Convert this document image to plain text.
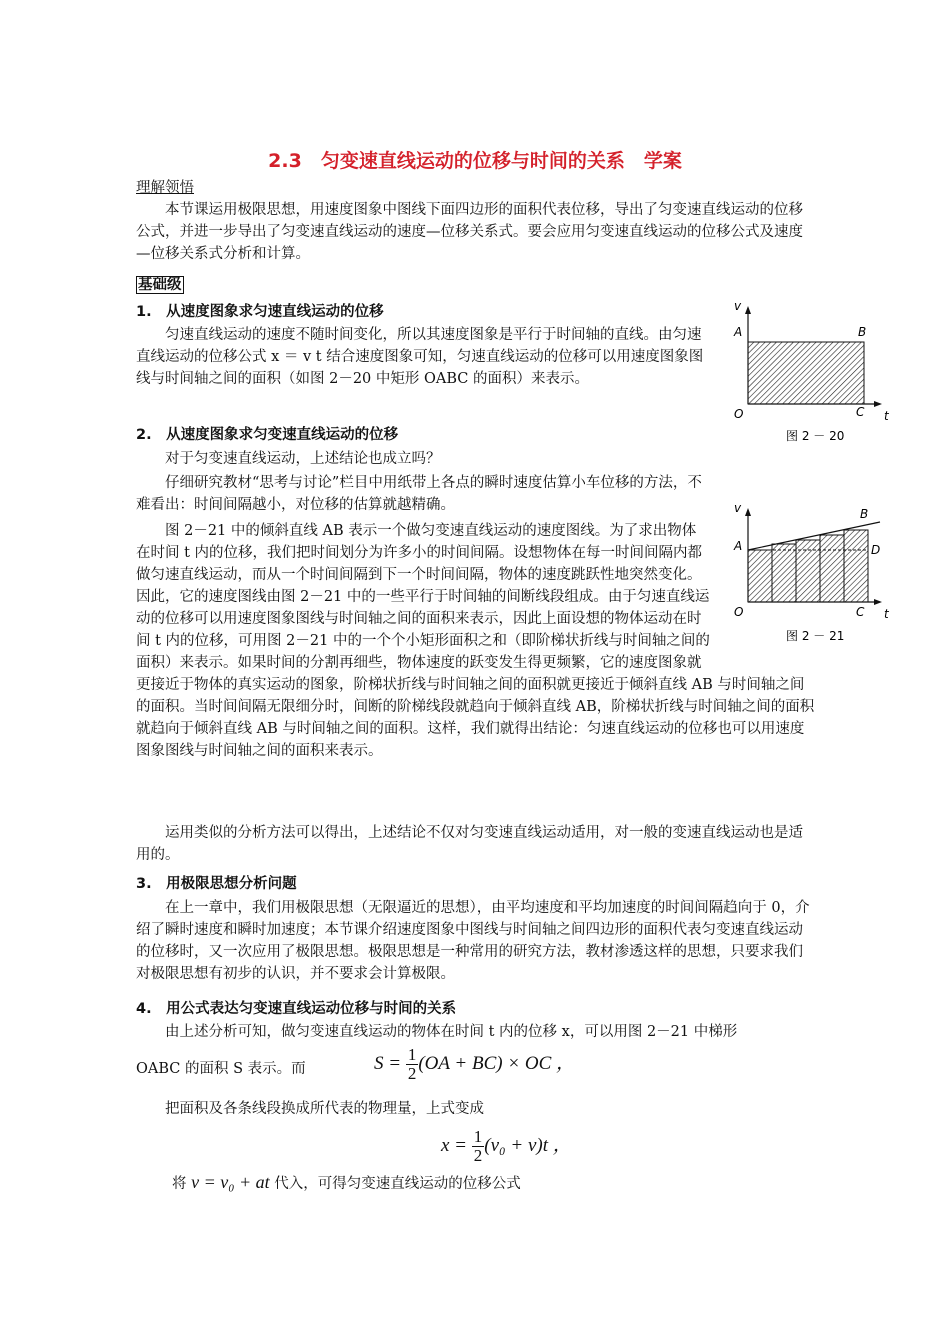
2.3　匀变速直线运动的位移与时间的关系　学案
理解领悟
本节课运用极限思想，用速度图象中图线下面四边形的面积代表位移，导出了匀变速直线运动的位移公式，并进一步导出了匀变速直线运动的速度—位移关系式。要会应用匀变速直线运动的位移公式及速度—位移关系式分析和计算。
基础级
1.　从速度图象求匀速直线运动的位移
匀速直线运动的速度不随时间变化，所以其速度图象是平行于时间轴的直线。由匀速直线运动的位移公式 x ＝ v t 结合速度图象可知，匀速直线运动的位移可以用速度图象图线与时间轴之间的面积（如图 2－20 中矩形 OABC 的面积）来表示。
2.　从速度图象求匀变速直线运动的位移
对于匀变速直线运动，上述结论也成立吗？
仔细研究教材“思考与讨论”栏目中用纸带上各点的瞬时速度估算小车位移的方法，不难看出：时间间隔越小，对位移的估算就越精确。
图 2－21 中的倾斜直线 AB 表示一个做匀变速直线运动的速度图线。为了求出物体在时间 t 内的位移，我们把时间划分为许多小的时间间隔。设想物体在每一时间间隔内都做匀速直线运动，而从一个时间间隔到下一个时间间隔，物体的速度跳跃性地突然变化。因此，它的速度图线由图 2－21 中的一些平行于时间轴的间断线段组成。由于匀速直线运动的位移可以用速度图象图线与时间轴之间的面积来表示，因此上面设想的物体运动在时间 t 内的位移，可用图 2－21 中的一个个小矩形面积之和（即阶梯状折线与时间轴之间的面积）来表示。如果时间的分割再细些，物体速度的跃变发生得更频繁，它的速度图象就更接近于物体的真实运动的图象，阶梯状折线与时间轴之间的面积就更接近于倾斜直线 AB 与时间轴之间的面积。当时间间隔无限细分时，间断的阶梯线段就趋向于倾斜直线 AB，阶梯状折线与时间轴之间的面积就趋向于倾斜直线 AB 与时间轴之间的面积。这样，我们就得出结论：匀速直线运动的位移也可以用速度图象图线与时间轴之间的面积来表示。
运用类似的分析方法可以得出，上述结论不仅对匀变速直线运动适用，对一般的变速直线运动也是适用的。
3.　用极限思想分析问题
在上一章中，我们用极限思想（无限逼近的思想），由平均速度和平均加速度的时间间隔趋向于 0，介绍了瞬时速度和瞬时加速度；本节课介绍速度图象中图线与时间轴之间四边形的面积代表匀变速直线运动的位移时，又一次应用了极限思想。极限思想是一种常用的研究方法，教材渗透这样的思想，只要求我们对极限思想有初步的认识，并不要求会计算极限。
4.　用公式表达匀变速直线运动位移与时间的关系
由上述分析可知，做匀变速直线运动的物体在时间 t 内的位移 x，可以用图 2－21 中梯形
OABC 的面积 S 表示。而	$S = \frac{1}{2} (OA + BC)$ × OC ，
把面积及各条线段换成所代表的物理量，上式变成
$x = \frac{1}{2} (v_0 + v)t$ ，
将 v = v₀ + at 代入，可得匀变速直线运动的位移公式
v
t
A	B
O	C
图 2 － 20
v
t
A
B
D
O	C
图 2 － 21
